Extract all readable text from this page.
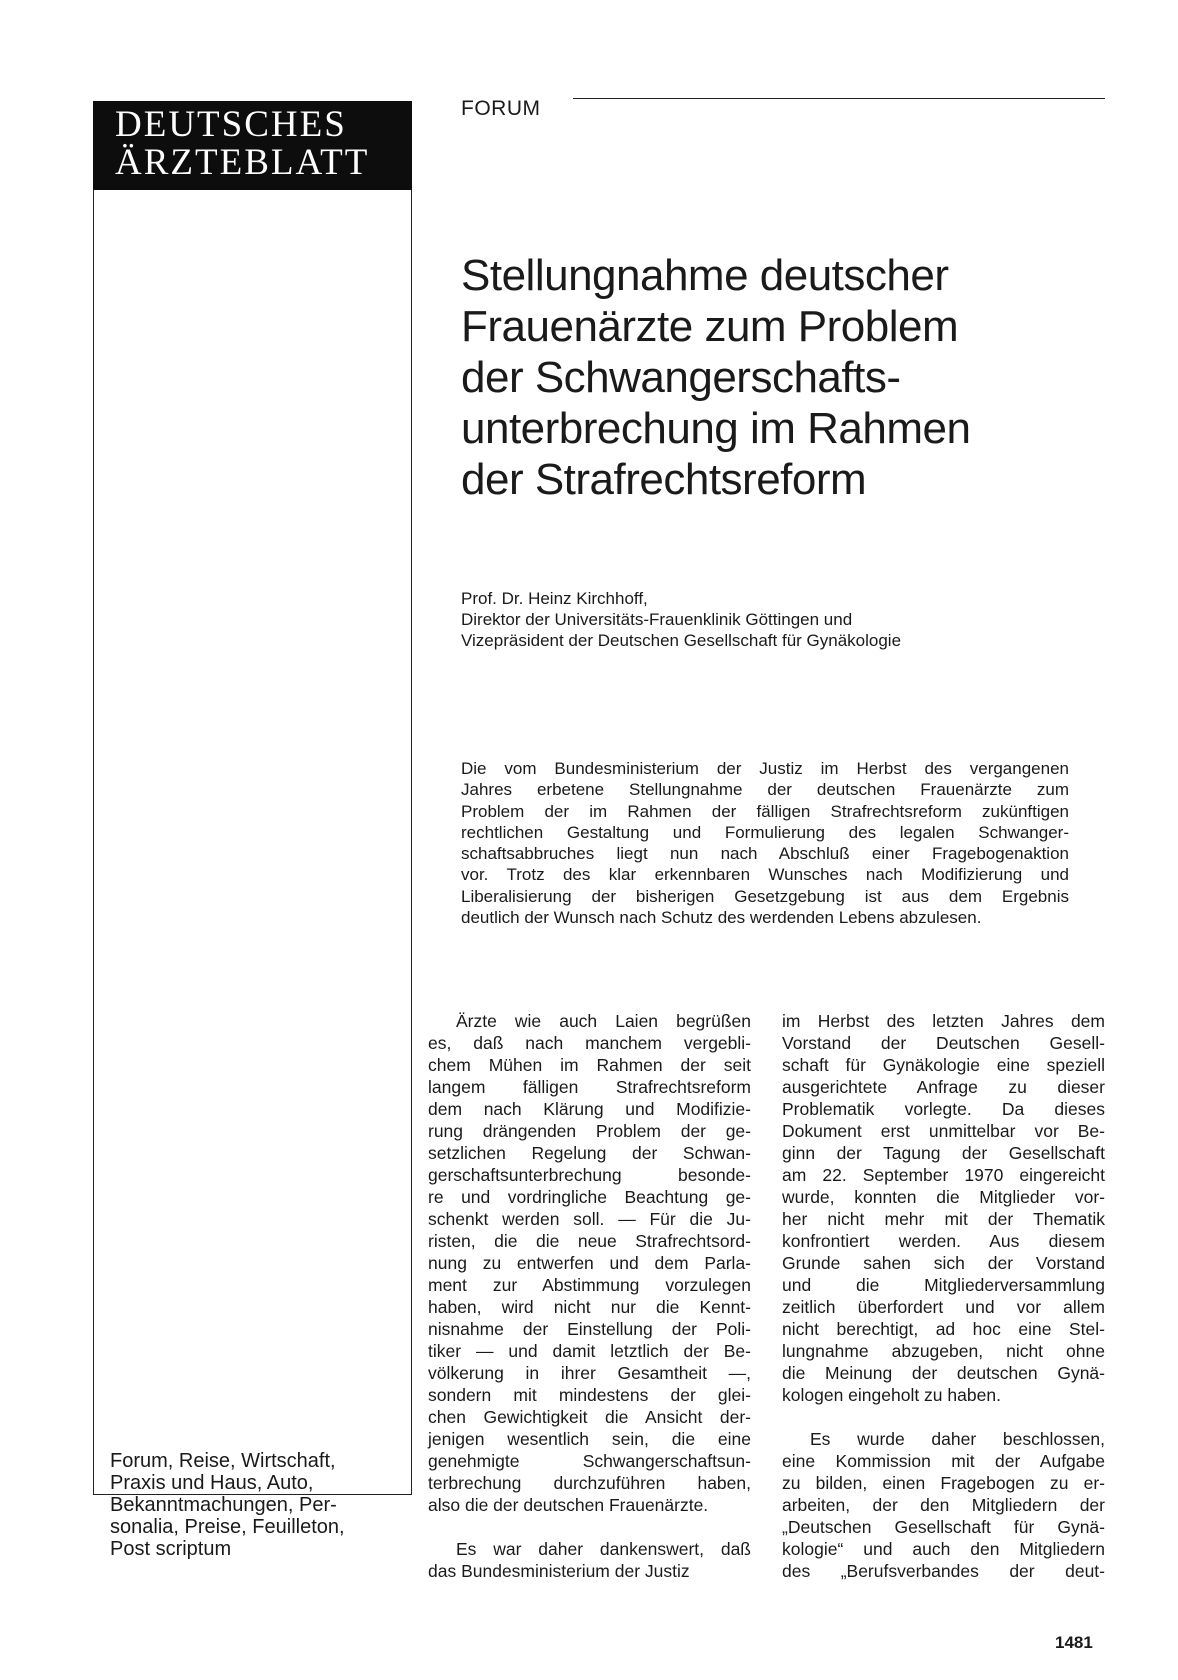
DEUTSCHES
ÄRZTEBLATT
Forum, Reise, Wirtschaft,
Praxis und Haus, Auto,
Bekanntmachungen, Per-
sonalia, Preise, Feuilleton,
Post scriptum
FORUM
Stellungnahme deutscher
Frauenärzte zum Problem
der Schwangerschafts-
unterbrechung im Rahmen
der Strafrechtsreform
Prof. Dr. Heinz Kirchhoff,
Direktor der Universitäts-Frauenklinik Göttingen und
Vizepräsident der Deutschen Gesellschaft für Gynäkologie
Die vom Bundesministerium der Justiz im Herbst des vergangenen
Jahres erbetene Stellungnahme der deutschen Frauenärzte zum
Problem der im Rahmen der fälligen Strafrechtsreform zukünftigen
rechtlichen Gestaltung und Formulierung des legalen Schwanger-
schaftsabbruches liegt nun nach Abschluß einer Fragebogenaktion
vor. Trotz des klar erkennbaren Wunsches nach Modifizierung und
Liberalisierung der bisherigen Gesetzgebung ist aus dem Ergebnis
deutlich der Wunsch nach Schutz des werdenden Lebens abzulesen.
Ärzte wie auch Laien begrüßen
es, daß nach manchem vergebli-
chem Mühen im Rahmen der seit
langem fälligen Strafrechtsreform
dem nach Klärung und Modifizie-
rung drängenden Problem der ge-
setzlichen Regelung der Schwan-
gerschaftsunterbrechung besonde-
re und vordringliche Beachtung ge-
schenkt werden soll. — Für die Ju-
risten, die die neue Strafrechtsord-
nung zu entwerfen und dem Parla-
ment zur Abstimmung vorzulegen
haben, wird nicht nur die Kennt-
nisnahme der Einstellung der Poli-
tiker — und damit letztlich der Be-
völkerung in ihrer Gesamtheit —,
sondern mit mindestens der glei-
chen Gewichtigkeit die Ansicht der-
jenigen wesentlich sein, die eine
genehmigte Schwangerschaftsun-
terbrechung durchzuführen haben,
also die der deutschen Frauenärzte.
Es war daher dankenswert, daß
das Bundesministerium der Justiz
im Herbst des letzten Jahres dem
Vorstand der Deutschen Gesell-
schaft für Gynäkologie eine speziell
ausgerichtete Anfrage zu dieser
Problematik vorlegte. Da dieses
Dokument erst unmittelbar vor Be-
ginn der Tagung der Gesellschaft
am 22. September 1970 eingereicht
wurde, konnten die Mitglieder vor-
her nicht mehr mit der Thematik
konfrontiert werden. Aus diesem
Grunde sahen sich der Vorstand
und die Mitgliederversammlung
zeitlich überfordert und vor allem
nicht berechtigt, ad hoc eine Stel-
lungnahme abzugeben, nicht ohne
die Meinung der deutschen Gynä-
kologen eingeholt zu haben.
Es wurde daher beschlossen,
eine Kommission mit der Aufgabe
zu bilden, einen Fragebogen zu er-
arbeiten, der den Mitgliedern der
„Deutschen Gesellschaft für Gynä-
kologie“ und auch den Mitgliedern
des „Berufsverbandes der deut-
1481
